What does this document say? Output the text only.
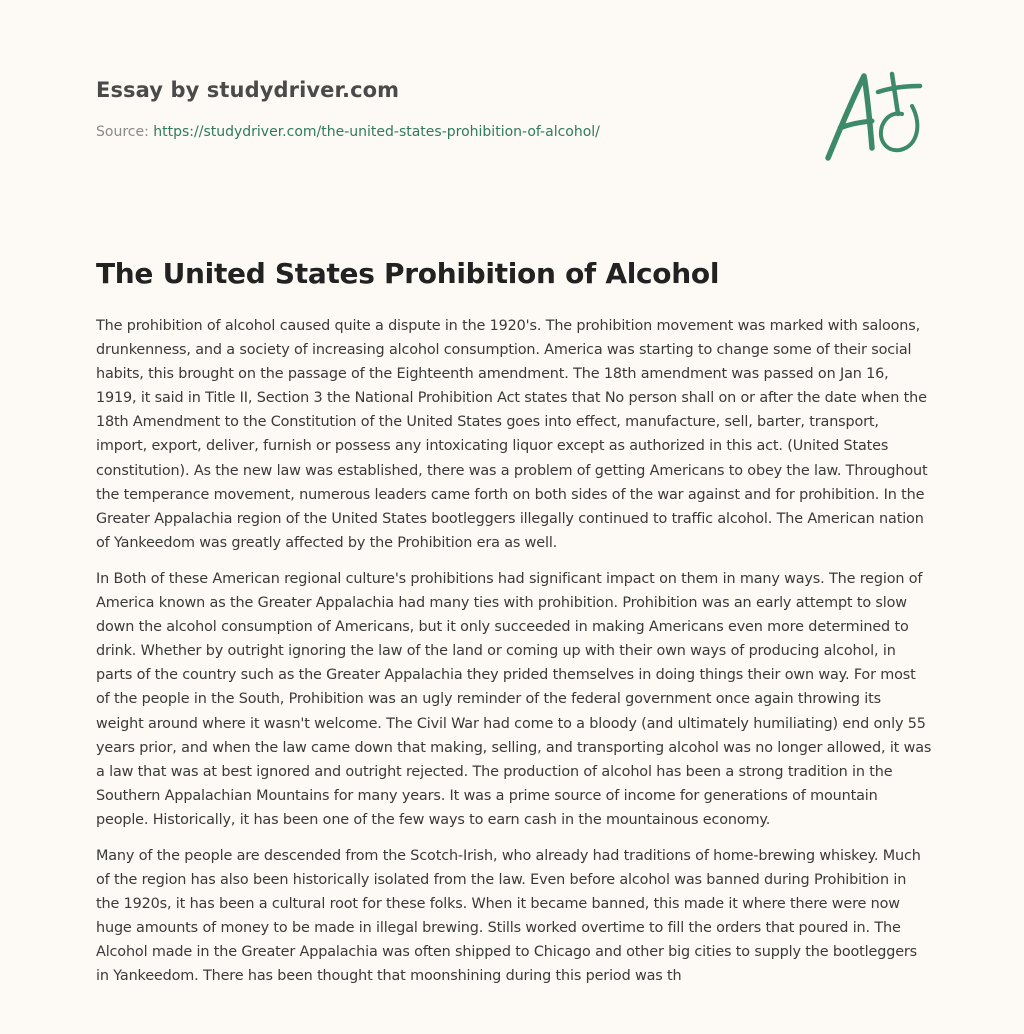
Essay by studydriver.com
Source: https://studydriver.com/the-united-states-prohibition-of-alcohol/
The United States Prohibition of Alcohol

The prohibition of alcohol caused quite a dispute in the 1920's. The prohibition movement was marked with saloons, drunkenness, and a society of increasing alcohol consumption. America was starting to change some of their social habits, this brought on the passage of the Eighteenth amendment. The 18th amendment was passed on Jan 16, 1919, it said in Title II, Section 3 the National Prohibition Act states that No person shall on or after the date when the 18th Amendment to the Constitution of the United States goes into effect, manufacture, sell, barter, transport, import, export, deliver, furnish or possess any intoxicating liquor except as authorized in this act. (United States constitution). As the new law was established, there was a problem of getting Americans to obey the law. Throughout the temperance movement, numerous leaders came forth on both sides of the war against and for prohibition. In the Greater Appalachia region of the United States bootleggers illegally continued to traffic alcohol. The American nation of Yankeedom was greatly affected by the Prohibition era as well.

In Both of these American regional culture's prohibitions had significant impact on them in many ways. The region of America known as the Greater Appalachia had many ties with prohibition. Prohibition was an early attempt to slow down the alcohol consumption of Americans, but it only succeeded in making Americans even more determined to drink. Whether by outright ignoring the law of the land or coming up with their own ways of producing alcohol, in parts of the country such as the Greater Appalachia they prided themselves in doing things their own way. For most of the people in the South, Prohibition was an ugly reminder of the federal government once again throwing its weight around where it wasn't welcome. The Civil War had come to a bloody (and ultimately humiliating) end only 55 years prior, and when the law came down that making, selling, and transporting alcohol was no longer allowed, it was a law that was at best ignored and outright rejected. The production of alcohol has been a strong tradition in the Southern Appalachian Mountains for many years. It was a prime source of income for generations of mountain people. Historically, it has been one of the few ways to earn cash in the mountainous economy.

Many of the people are descended from the Scotch-Irish, who already had traditions of home-brewing whiskey. Much of the region has also been historically isolated from the law. Even before alcohol was banned during Prohibition in the 1920s, it has been a cultural root for these folks. When it became banned, this made it where there were now huge amounts of money to be made in illegal brewing. Stills worked overtime to fill the orders that poured in. The Alcohol made in the Greater Appalachia was often shipped to Chicago and other big cities to supply the bootleggers in Yankeedom. There has been thought that moonshining during this period was th
